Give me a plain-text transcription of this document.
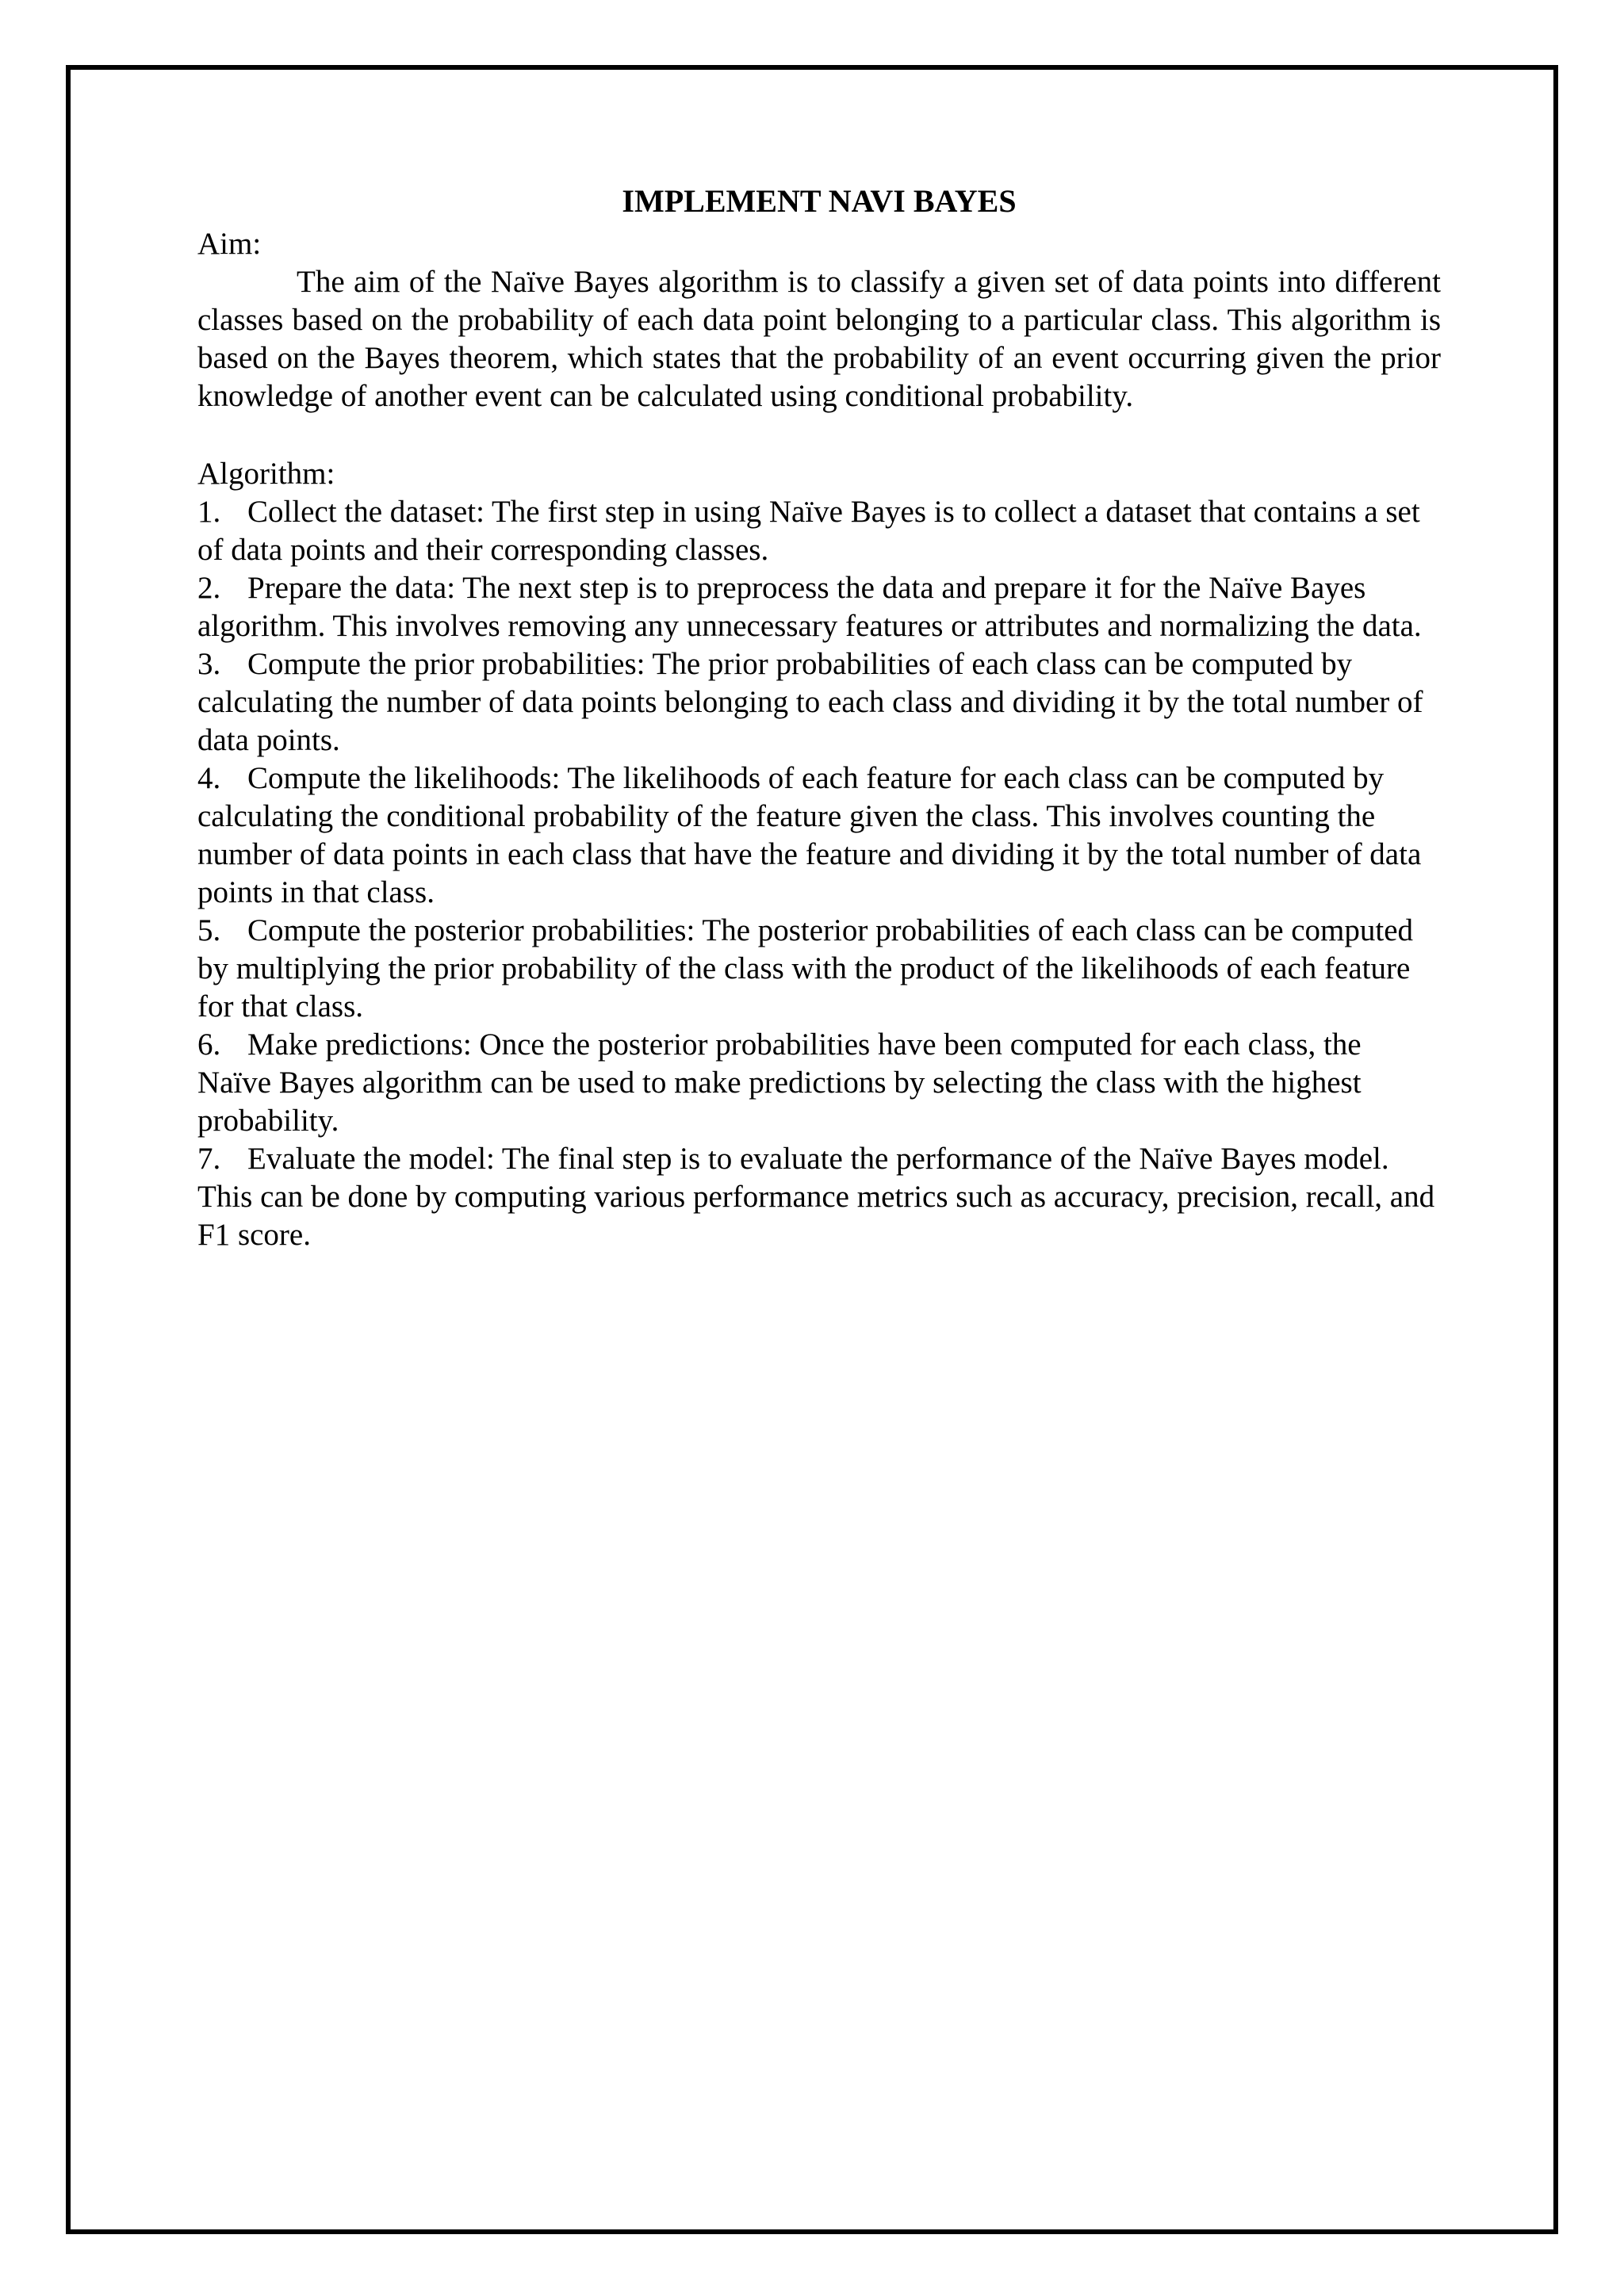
IMPLEMENT NAVI BAYES

Aim:

The aim of the Naïve Bayes algorithm is to classify a given set of data points into different classes based on the probability of each data point belonging to a particular class. This algorithm is based on the Bayes theorem, which states that the probability of an event occurring given the prior knowledge of another event can be calculated using conditional probability.

Algorithm:

1. Collect the dataset: The first step in using Naïve Bayes is to collect a dataset that contains a set of data points and their corresponding classes.
2. Prepare the data: The next step is to preprocess the data and prepare it for the Naïve Bayes algorithm. This involves removing any unnecessary features or attributes and normalizing the data.
3. Compute the prior probabilities: The prior probabilities of each class can be computed by calculating the number of data points belonging to each class and dividing it by the total number of data points.
4. Compute the likelihoods: The likelihoods of each feature for each class can be computed by calculating the conditional probability of the feature given the class. This involves counting the number of data points in each class that have the feature and dividing it by the total number of data points in that class.
5. Compute the posterior probabilities: The posterior probabilities of each class can be computed by multiplying the prior probability of the class with the product of the likelihoods of each feature for that class.
6. Make predictions: Once the posterior probabilities have been computed for each class, the Naïve Bayes algorithm can be used to make predictions by selecting the class with the highest probability.
7. Evaluate the model: The final step is to evaluate the performance of the Naïve Bayes model. This can be done by computing various performance metrics such as accuracy, precision, recall, and F1 score.
